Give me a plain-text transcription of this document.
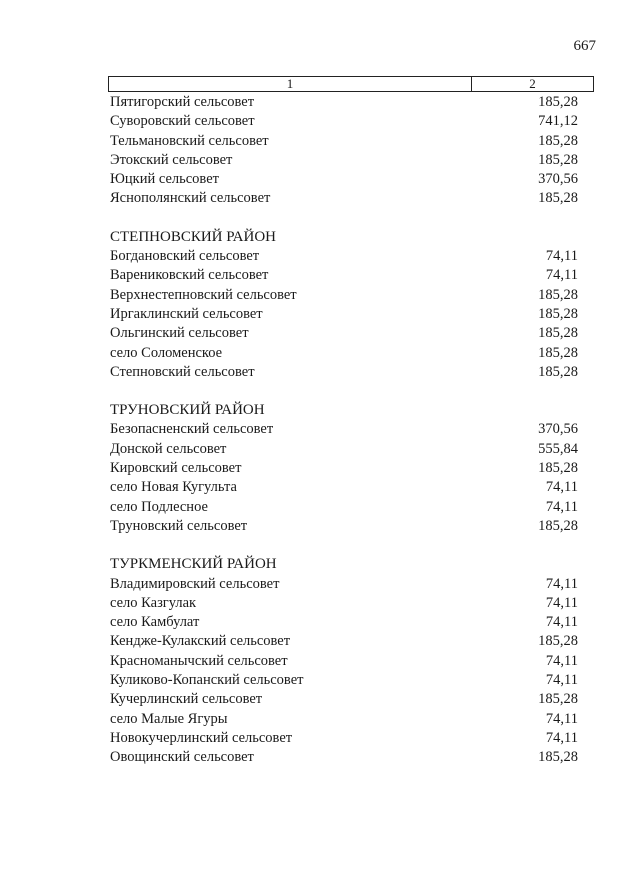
667
1	2
Пятигорский сельсовет	185,28
Суворовский сельсовет	741,12
Тельмановский сельсовет	185,28
Этокский сельсовет	185,28
Юцкий сельсовет	370,56
Яснополянский сельсовет	185,28
СТЕПНОВСКИЙ РАЙОН
Богдановский сельсовет	74,11
Варениковский сельсовет	74,11
Верхнестепновский сельсовет	185,28
Иргаклинский сельсовет	185,28
Ольгинский сельсовет	185,28
село Соломенское	185,28
Степновский сельсовет	185,28
ТРУНОВСКИЙ РАЙОН
Безопасненский сельсовет	370,56
Донской сельсовет	555,84
Кировский сельсовет	185,28
село Новая Кугульта	74,11
село Подлесное	74,11
Труновский сельсовет	185,28
ТУРКМЕНСКИЙ РАЙОН
Владимировский сельсовет	74,11
село Казгулак	74,11
село Камбулат	74,11
Кендже-Кулакский сельсовет	185,28
Красноманычский сельсовет	74,11
Куликово-Копанский сельсовет	74,11
Кучерлинский сельсовет	185,28
село Малые Ягуры	74,11
Новокучерлинский сельсовет	74,11
Овощинский сельсовет	185,28
